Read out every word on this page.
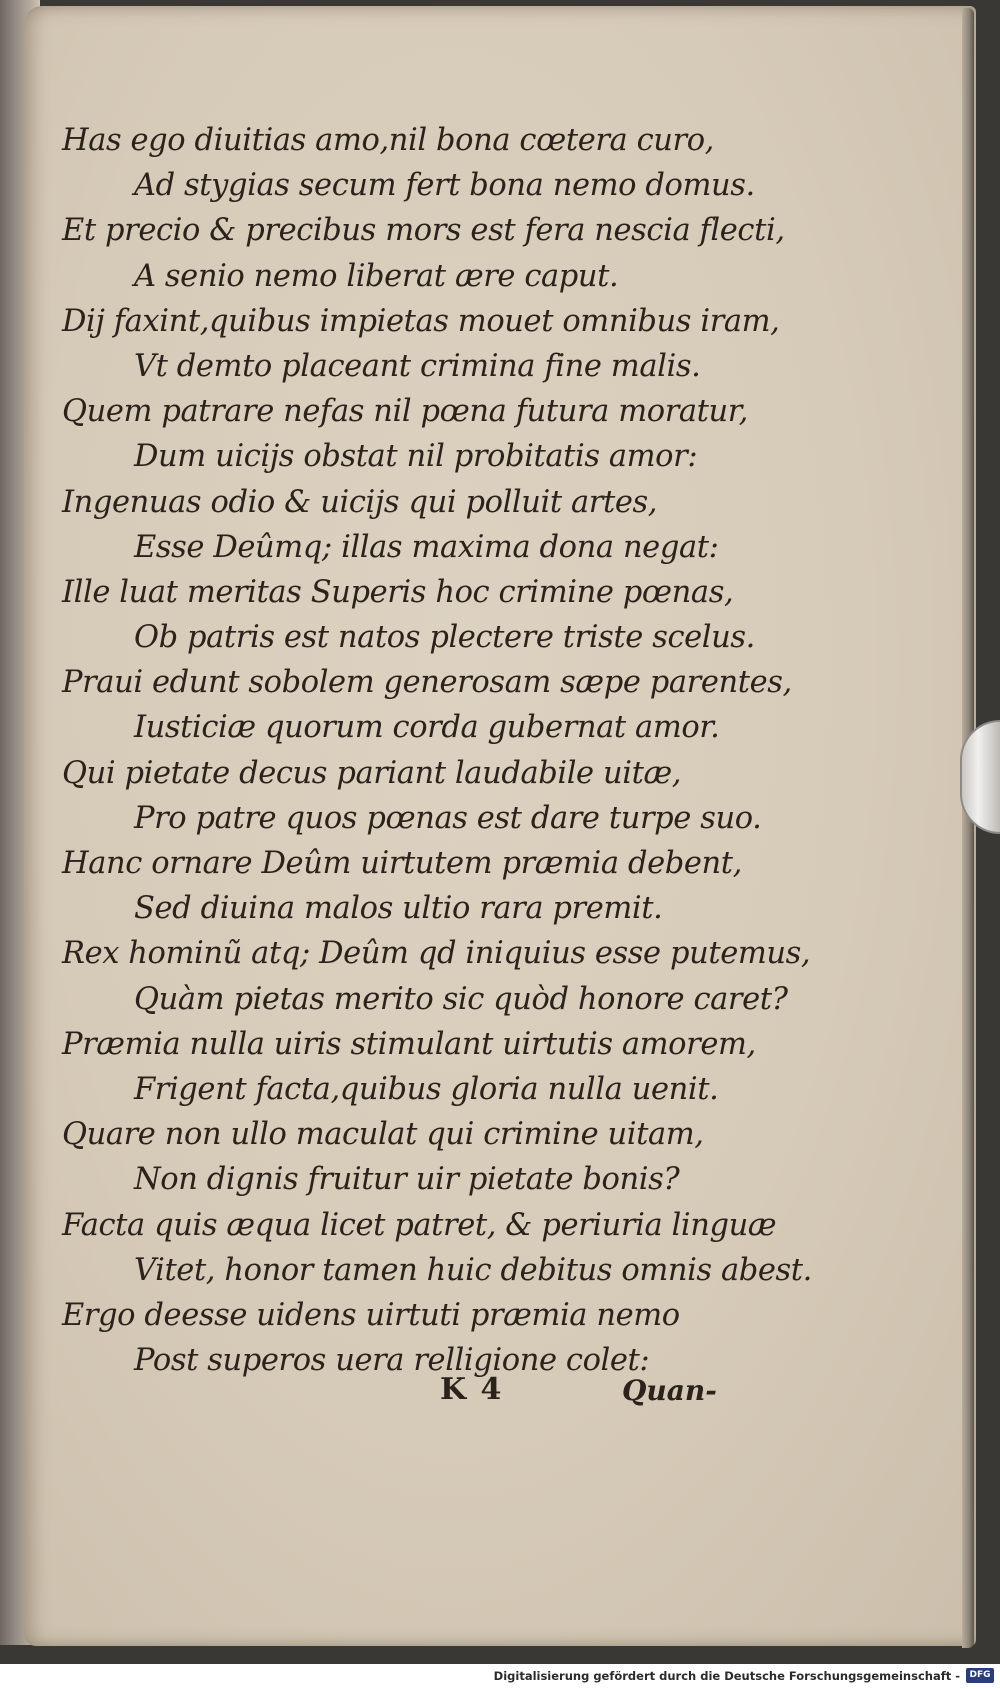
Has ego diuitias amo,nil bona cœtera curo,
Ad stygias secum fert bona nemo domus.
Et precio & precibus mors est fera nescia flecti,
A senio nemo liberat ære caput.
Dij faxint,quibus impietas mouet omnibus iram,
Vt demto placeant crimina fine malis.
Quem patrare nefas nil pœna futura moratur,
Dum uicijs obstat nil probitatis amor:
Ingenuas odio & uicijs qui polluit artes,
Esse Deûmq; illas maxima dona negat:
Ille luat meritas Superis hoc crimine pœnas,
Ob patris est natos plectere triste scelus.
Praui edunt sobolem generosam sæpe parentes,
Iusticiæ quorum corda gubernat amor.
Qui pietate decus pariant laudabile uitæ,
Pro patre quos pœnas est dare turpe suo.
Hanc ornare Deûm uirtutem præmia debent,
Sed diuina malos ultio rara premit.
Rex hominũ atq; Deûm qd iniquius esse putemus,
Quàm pietas merito sic quòd honore caret?
Præmia nulla uiris stimulant uirtutis amorem,
Frigent facta,quibus gloria nulla uenit.
Quare non ullo maculat qui crimine uitam,
Non dignis fruitur uir pietate bonis?
Facta quis æqua licet patret, & periuria linguæ
Vitet, honor tamen huic debitus omnis abest.
Ergo deesse uidens uirtuti præmia nemo
Post superos uera relligione colet:
K 4	Quan-
Digitalisierung gefördert durch die Deutsche Forschungsgemeinschaft -	DFG
